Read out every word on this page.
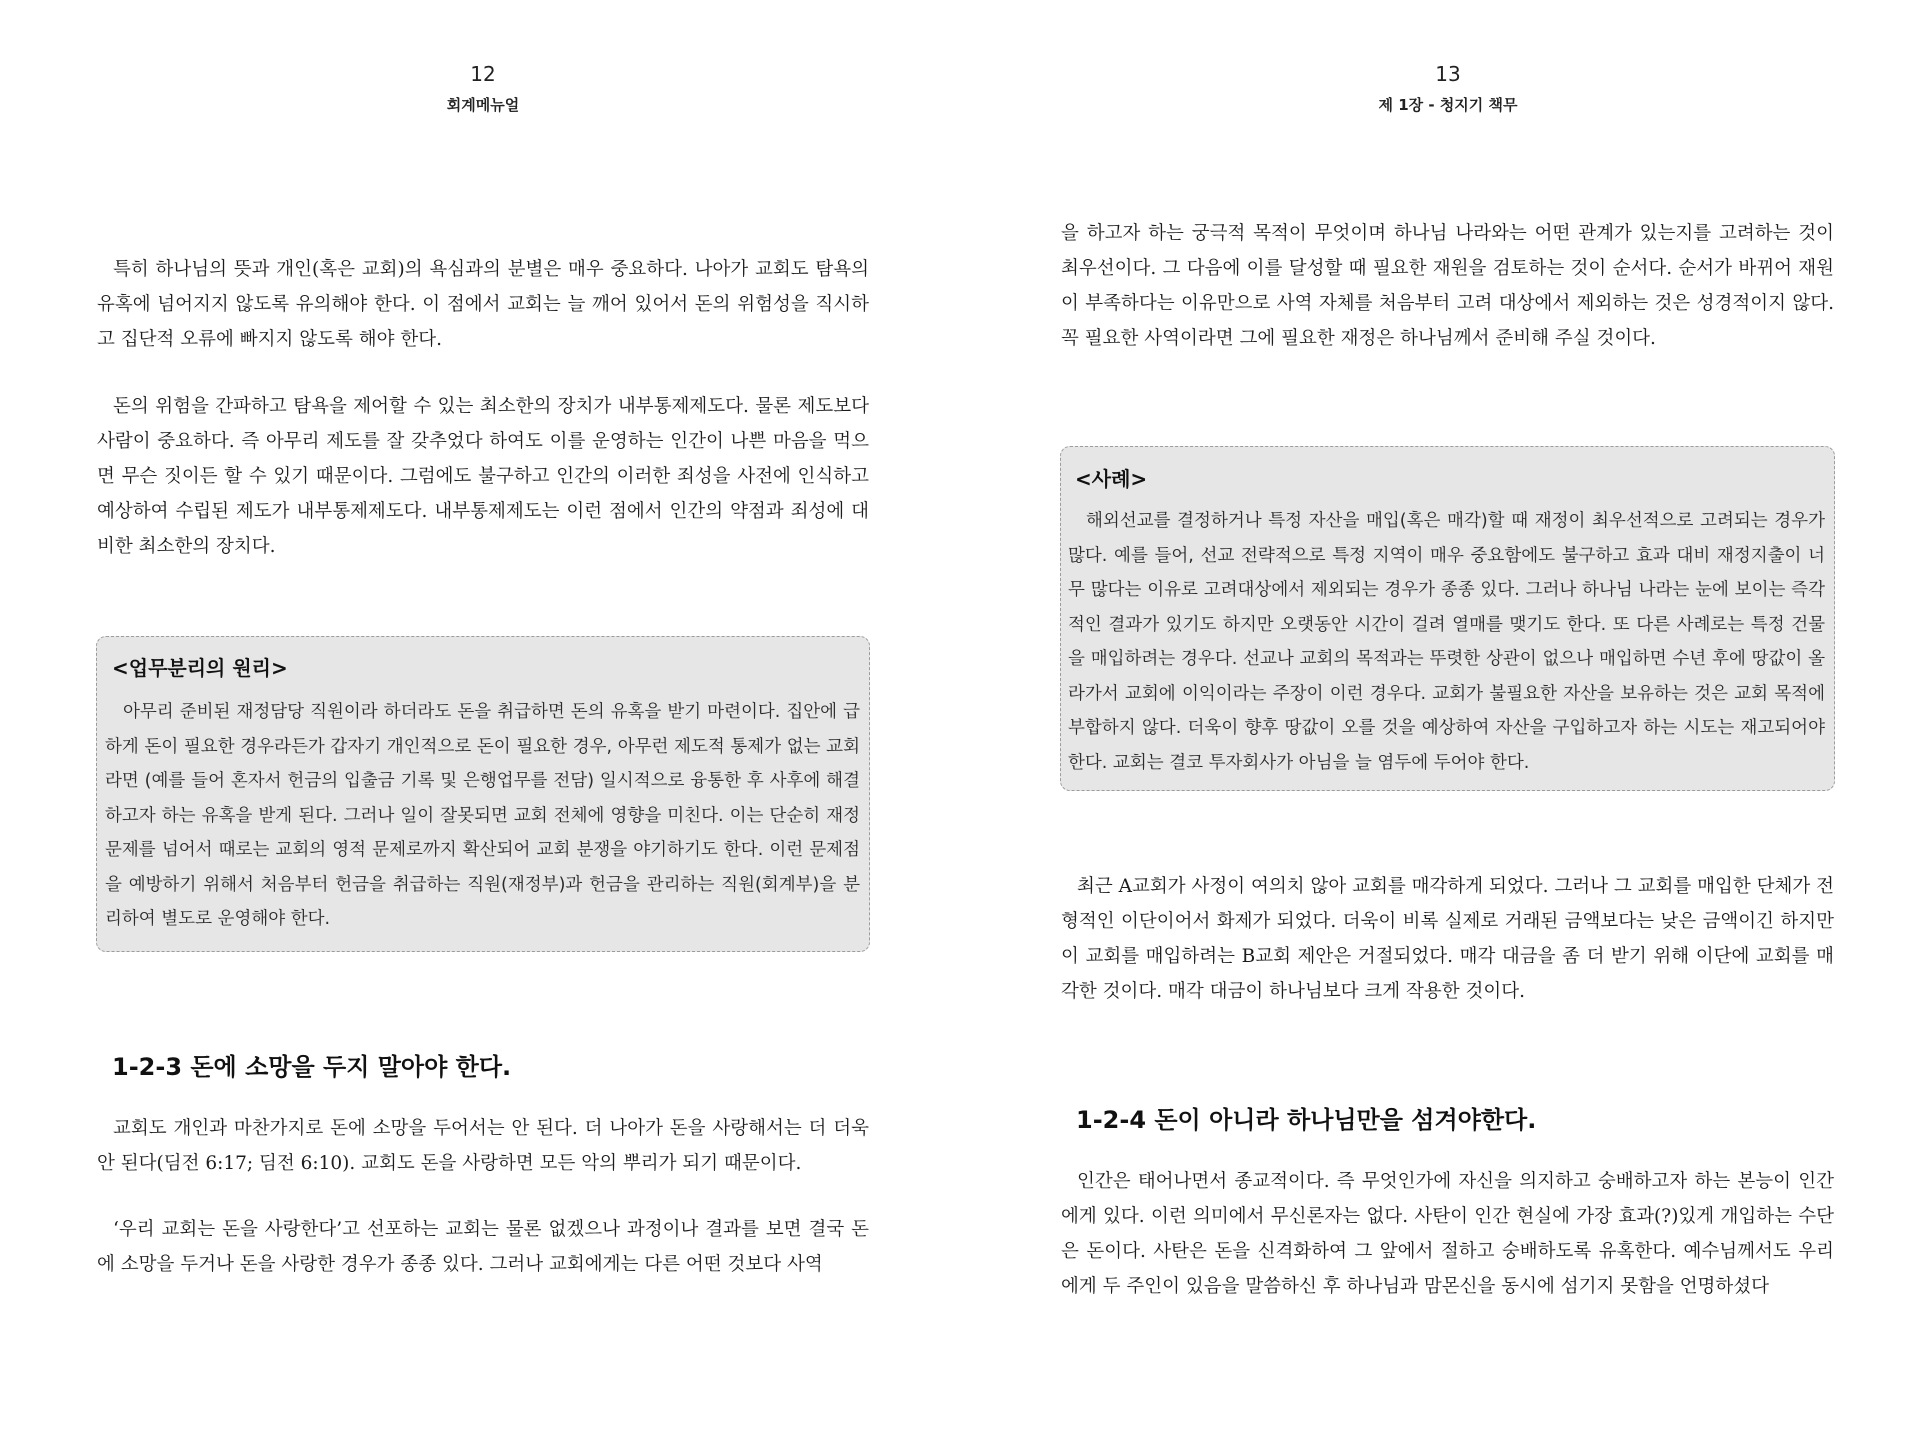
12
회계메뉴얼

특히 하나님의 뜻과 개인(혹은 교회)의 욕심과의 분별은 매우 중요하다. 나아가 교회도 탐욕의 유혹에 넘어지지 않도록 유의해야 한다. 이 점에서 교회는 늘 깨어 있어서 돈의 위험성을 직시하고 집단적 오류에 빠지지 않도록 해야 한다.

돈의 위험을 간파하고 탐욕을 제어할 수 있는 최소한의 장치가 내부통제제도다. 물론 제도보다 사람이 중요하다. 즉 아무리 제도를 잘 갖추었다 하여도 이를 운영하는 인간이 나쁜 마음을 먹으면 무슨 짓이든 할 수 있기 때문이다. 그럼에도 불구하고 인간의 이러한 죄성을 사전에 인식하고 예상하여 수립된 제도가 내부통제제도다. 내부통제제도는 이런 점에서 인간의 약점과 죄성에 대비한 최소한의 장치다.

<업무분리의 원리>

아무리 준비된 재정담당 직원이라 하더라도 돈을 취급하면 돈의 유혹을 받기 마련이다. 집안에 급하게 돈이 필요한 경우라든가 갑자기 개인적으로 돈이 필요한 경우, 아무런 제도적 통제가 없는 교회라면 (예를 들어 혼자서 헌금의 입출금 기록 및 은행업무를 전담) 일시적으로 융통한 후 사후에 해결하고자 하는 유혹을 받게 된다. 그러나 일이 잘못되면 교회 전체에 영향을 미친다. 이는 단순히 재정 문제를 넘어서 때로는 교회의 영적 문제로까지 확산되어 교회 분쟁을 야기하기도 한다. 이런 문제점을 예방하기 위해서 처음부터 헌금을 취급하는 직원(재정부)과 헌금을 관리하는 직원(회계부)을 분리하여 별도로 운영해야 한다.

1-2-3 돈에 소망을 두지 말아야 한다.

교회도 개인과 마찬가지로 돈에 소망을 두어서는 안 된다. 더 나아가 돈을 사랑해서는 더 더욱 안 된다(딤전 6:17; 딤전 6:10). 교회도 돈을 사랑하면 모든 악의 뿌리가 되기 때문이다.

‘우리 교회는 돈을 사랑한다’고 선포하는 교회는 물론 없겠으나 과정이나 결과를 보면 결국 돈에 소망을 두거나 돈을 사랑한 경우가 종종 있다. 그러나 교회에게는 다른 어떤 것보다 사역

13
제 1장 - 청지기 책무

을 하고자 하는 궁극적 목적이 무엇이며 하나님 나라와는 어떤 관계가 있는지를 고려하는 것이 최우선이다. 그 다음에 이를 달성할 때 필요한 재원을 검토하는 것이 순서다. 순서가 바뀌어 재원이 부족하다는 이유만으로 사역 자체를 처음부터 고려 대상에서 제외하는 것은 성경적이지 않다. 꼭 필요한 사역이라면 그에 필요한 재정은 하나님께서 준비해 주실 것이다.

<사례>

해외선교를 결정하거나 특정 자산을 매입(혹은 매각)할 때 재정이 최우선적으로 고려되는 경우가 많다. 예를 들어, 선교 전략적으로 특정 지역이 매우 중요함에도 불구하고 효과 대비 재정지출이 너무 많다는 이유로 고려대상에서 제외되는 경우가 종종 있다. 그러나 하나님 나라는 눈에 보이는 즉각적인 결과가 있기도 하지만 오랫동안 시간이 걸려 열매를 맺기도 한다. 또 다른 사례로는 특정 건물을 매입하려는 경우다. 선교나 교회의 목적과는 뚜렷한 상관이 없으나 매입하면 수년 후에 땅값이 올라가서 교회에 이익이라는 주장이 이런 경우다. 교회가 불필요한 자산을 보유하는 것은 교회 목적에 부합하지 않다. 더욱이 향후 땅값이 오를 것을 예상하여 자산을 구입하고자 하는 시도는 재고되어야 한다. 교회는 결코 투자회사가 아님을 늘 염두에 두어야 한다.

최근 A교회가 사정이 여의치 않아 교회를 매각하게 되었다. 그러나 그 교회를 매입한 단체가 전형적인 이단이어서 화제가 되었다. 더욱이 비록 실제로 거래된 금액보다는 낮은 금액이긴 하지만 이 교회를 매입하려는 B교회 제안은 거절되었다. 매각 대금을 좀 더 받기 위해 이단에 교회를 매각한 것이다. 매각 대금이 하나님보다 크게 작용한 것이다.

1-2-4 돈이 아니라 하나님만을 섬겨야한다.

인간은 태어나면서 종교적이다. 즉 무엇인가에 자신을 의지하고 숭배하고자 하는 본능이 인간에게 있다. 이런 의미에서 무신론자는 없다. 사탄이 인간 현실에 가장 효과(?)있게 개입하는 수단은 돈이다. 사탄은 돈을 신격화하여 그 앞에서 절하고 숭배하도록 유혹한다. 예수님께서도 우리에게 두 주인이 있음을 말씀하신 후 하나님과 맘몬신을 동시에 섬기지 못함을 언명하셨다
